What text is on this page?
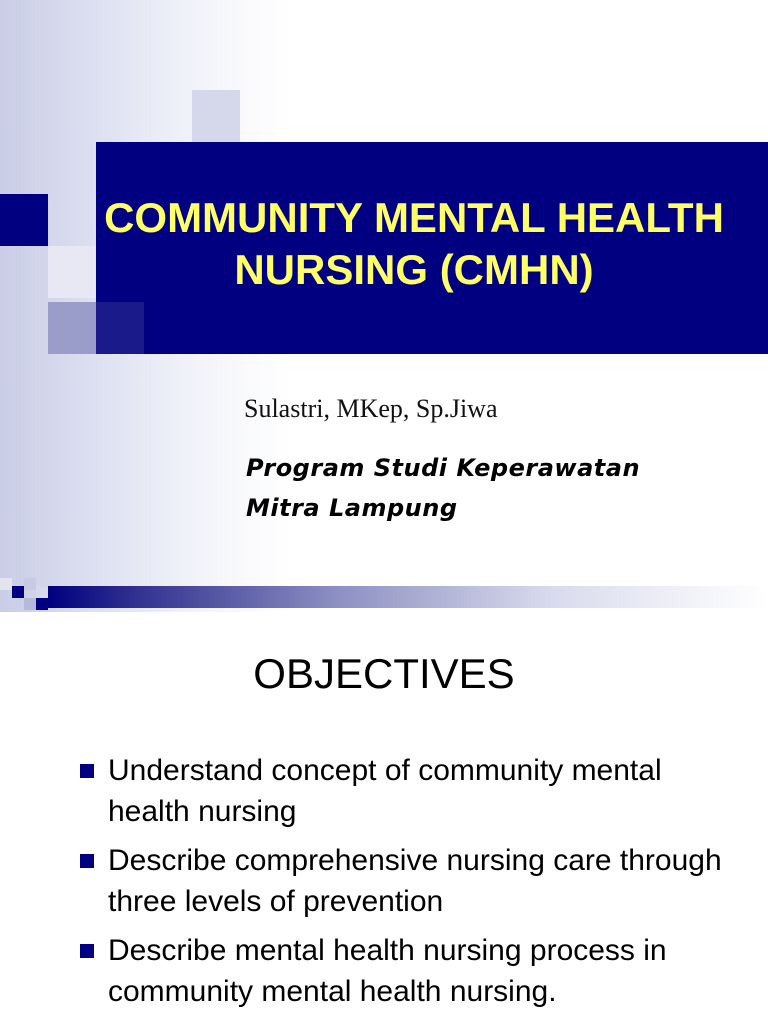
COMMUNITY MENTAL HEALTH NURSING (CMHN)

Sulastri, MKep, Sp.Jiwa

Program Studi Keperawatan
Mitra Lampung
OBJECTIVES
Understand concept of community mental health nursing
Describe comprehensive nursing care through three levels of prevention
Describe mental health nursing process in community mental health nursing.
